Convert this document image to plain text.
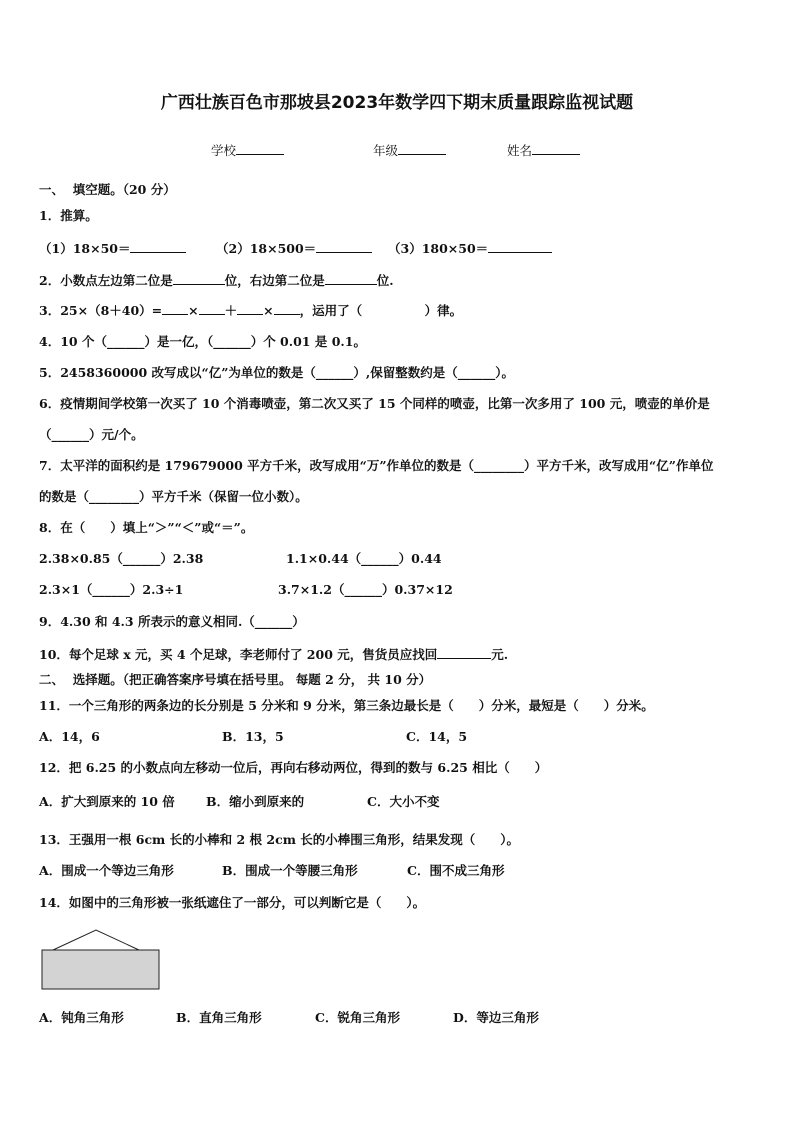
广西壮族百色市那坡县2023年数学四下期末质量跟踪监视试题
学校	年级	姓名
一、  填空题。（20 分）
1．推算。
（1）18×50＝	（2）18×500＝	（3）180×50＝
2．小数点左边第二位是	位，右边第二位是	位.
3．25×（8＋40）= × ＋ × ，运用了（　　　　　）律。
4．10 个（______）是一亿，（______）个 0.01 是 0.1。
5．2458360000 改写成以“亿”为单位的数是（______）,保留整数约是（______）。
6．疫情期间学校第一次买了 10 个消毒喷壶，第二次又买了 15 个同样的喷壶，比第一次多用了 100 元，喷壶的单价是
（______）元/个。
7．太平洋的面积约是 179679000 平方千米，改写成用“万”作单位的数是（________）平方千米，改写成用“亿”作单位
的数是（________）平方千米（保留一位小数）。
8．在（　　）填上“＞”“＜”或“＝”。
2.38×0.85（______）2.38	1.1×0.44（______）0.44
2.3×1（______）2.3÷1	3.7×1.2（______）0.37×12
9．4.30 和 4.3 所表示的意义相同.（______）
10．每个足球 x 元，买 4 个足球，李老师付了 200 元，售货员应找回	元.
二、  选择题。（把正确答案序号填在括号里。 每题 2 分， 共 10 分）
11．一个三角形的两条边的长分别是 5 分米和 9 分米，第三条边最长是（　　）分米，最短是（　　）分米。
A．14，6	B．13，5	C．14，5
12．把 6.25 的小数点向左移动一位后，再向右移动两位，得到的数与 6.25 相比（　　）
A．扩大到原来的 10 倍 B．缩小到原来的	C．大小不变
13．王强用一根 6cm 长的小棒和 2 根 2cm 长的小棒围三角形，结果发现（　　）。
A．围成一个等边三角形	B．围成一个等腰三角形	C．围不成三角形
14．如图中的三角形被一张纸遮住了一部分，可以判断它是（　　）。
A．钝角三角形	B．直角三角形	C．锐角三角形	D．等边三角形
